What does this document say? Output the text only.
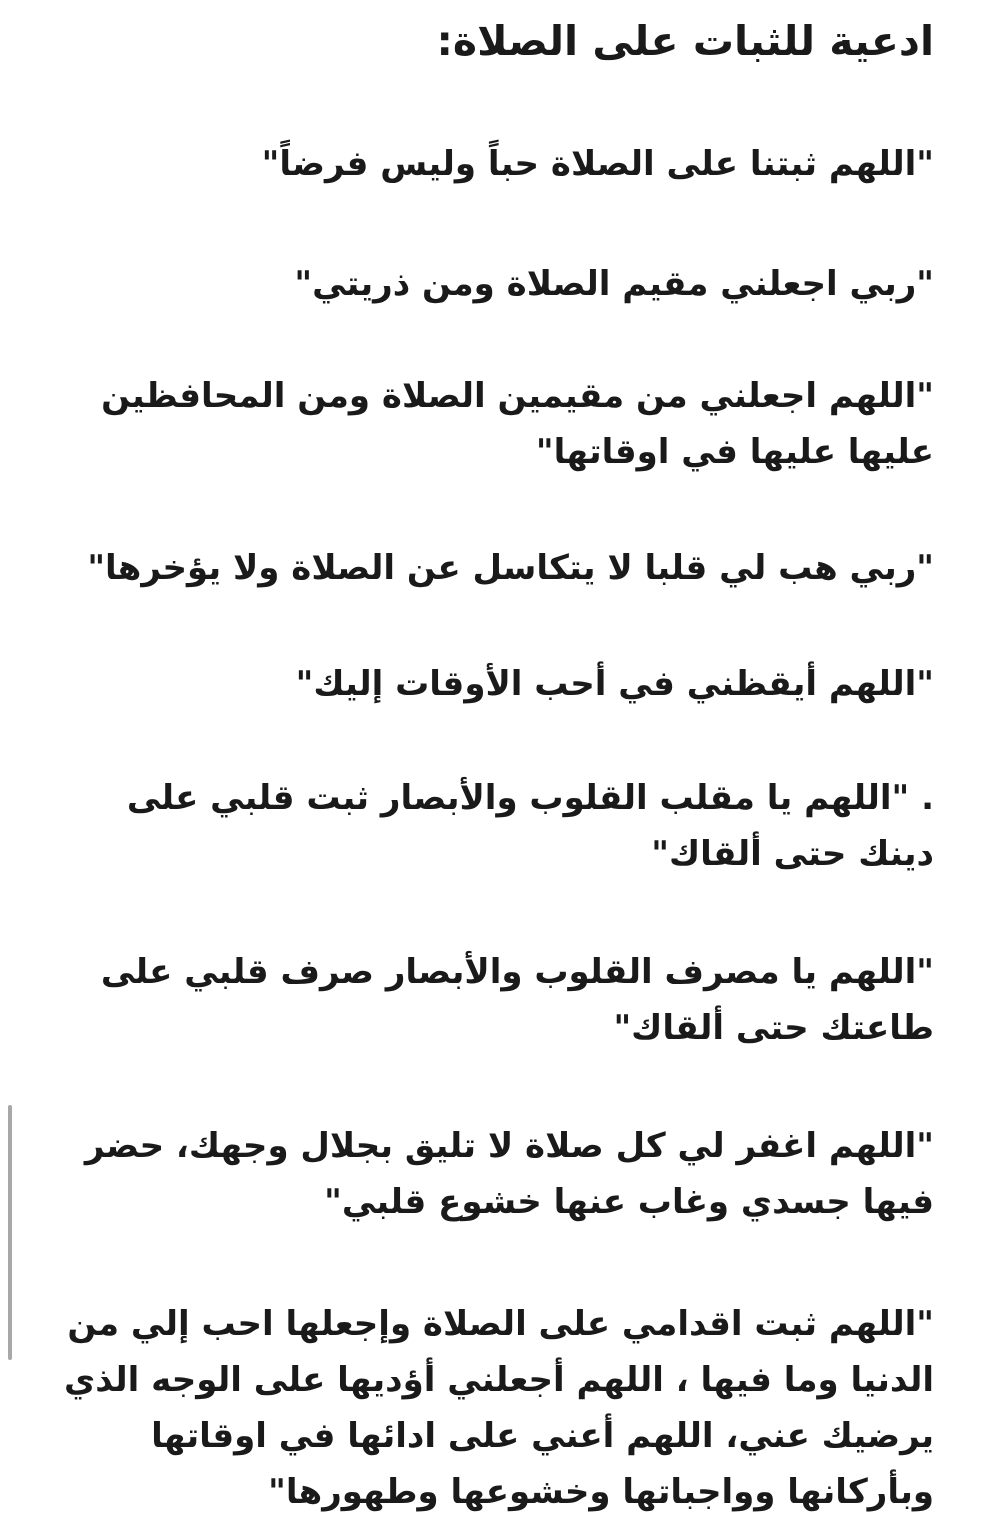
ادعية للثبات على الصلاة:
"اللهم ثبتنا على الصلاة حباً وليس فرضاً"
"ربي اجعلني مقيم الصلاة ومن ذريتي"
"اللهم اجعلني من مقيمين الصلاة ومن المحافظين عليها عليها في اوقاتها"
"ربي هب لي قلبا لا يتكاسل عن الصلاة ولا يؤخرها"
"اللهم أيقظني في أحب الأوقات إليك"
. "اللهم يا مقلب القلوب والأبصار ثبت قلبي على دينك حتى ألقاك"
"اللهم يا مصرف القلوب والأبصار صرف قلبي على طاعتك حتى ألقاك"
"اللهم اغفر لي كل صلاة لا تليق بجلال وجهك، حضر فيها جسدي وغاب عنها خشوع قلبي"
"اللهم ثبت اقدامي على الصلاة وإجعلها احب إلي من الدنيا وما فيها ، اللهم أجعلني أؤديها على الوجه الذي يرضيك عني، اللهم أعني على ادائها في اوقاتها وبأركانها وواجباتها وخشوعها وطهورها"
